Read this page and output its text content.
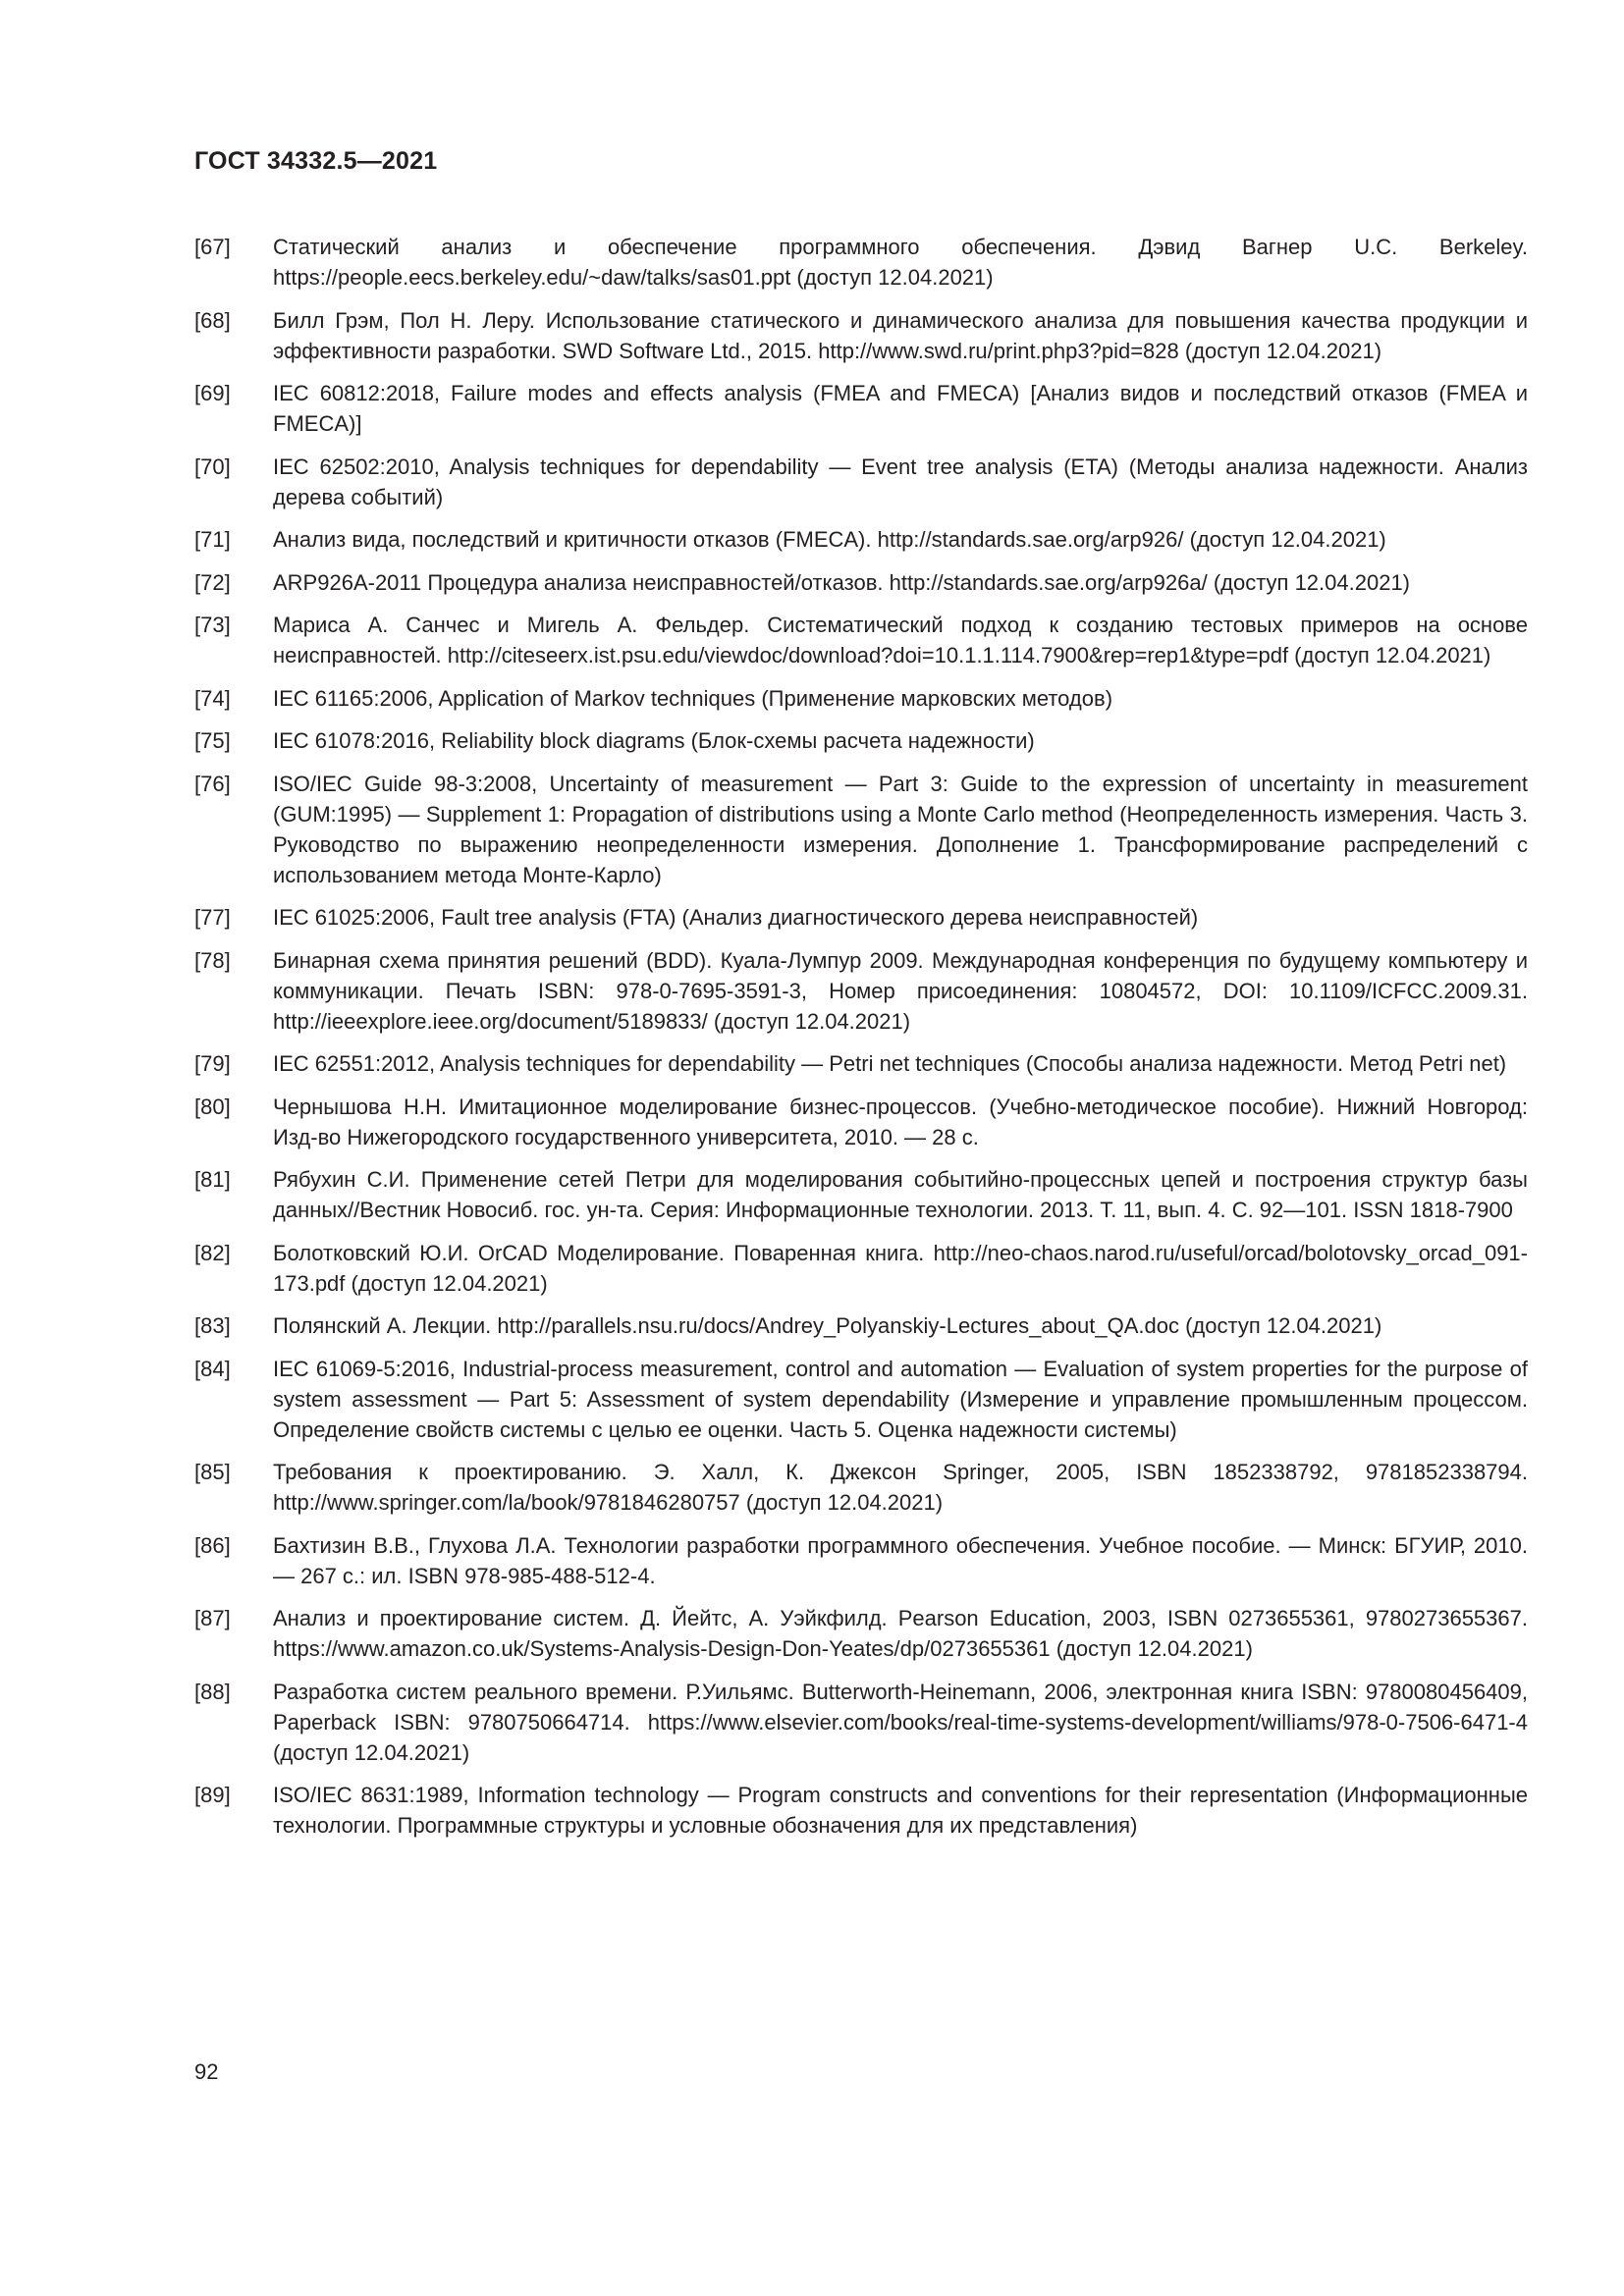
ГОСТ 34332.5—2021
[67]	Статический анализ и обеспечение программного обеспечения. Дэвид Вагнер U.C. Berkeley. https://people.eecs.berkeley.edu/~daw/talks/sas01.ppt (доступ 12.04.2021)
[68]	Билл Грэм, Пол Н. Леру. Использование статического и динамического анализа для повышения качества продукции и эффективности разработки. SWD Software Ltd., 2015. http://www.swd.ru/print.php3?pid=828 (доступ 12.04.2021)
[69]	IEC 60812:2018, Failure modes and effects analysis (FMEA and FMECA) [Анализ видов и последствий отказов (FMEA и FMECA)]
[70]	IEC 62502:2010, Analysis techniques for dependability — Event tree analysis (ETA) (Методы анализа надежности. Анализ дерева событий)
[71]	Анализ вида, последствий и критичности отказов (FMECA). http://standards.sae.org/arp926/ (доступ 12.04.2021)
[72]	ARP926A-2011 Процедура анализа неисправностей/отказов. http://standards.sae.org/arp926a/ (доступ 12.04.2021)
[73]	Мариса А. Санчес и Мигель А. Фельдер. Систематический подход к созданию тестовых примеров на основе неисправностей. http://citeseerx.ist.psu.edu/viewdoc/download?doi=10.1.1.114.7900&rep=rep1&type=pdf (доступ 12.04.2021)
[74]	IEC 61165:2006, Application of Markov techniques (Применение марковских методов)
[75]	IEC 61078:2016, Reliability block diagrams (Блок-схемы расчета надежности)
[76]	ISO/IEC Guide 98-3:2008, Uncertainty of measurement — Part 3: Guide to the expression of uncertainty in measurement (GUM:1995) — Supplement 1: Propagation of distributions using a Monte Carlo method (Неопределенность измерения. Часть 3. Руководство по выражению неопределенности измерения. Дополнение 1. Трансформирование распределений с использованием метода Монте-Карло)
[77]	IEC 61025:2006, Fault tree analysis (FTA) (Анализ диагностического дерева неисправностей)
[78]	Бинарная схема принятия решений (BDD). Куала-Лумпур 2009. Международная конференция по будущему компьютеру и коммуникации. Печать ISBN: 978-0-7695-3591-3, Номер присоединения: 10804572, DOI: 10.1109/ICFCC.2009.31. http://ieeexplore.ieee.org/document/5189833/ (доступ 12.04.2021)
[79]	IEC 62551:2012, Analysis techniques for dependability — Petri net techniques (Способы анализа надежности. Метод Petri net)
[80]	Чернышова Н.Н. Имитационное моделирование бизнес-процессов. (Учебно-методическое пособие). Нижний Новгород: Изд-во Нижегородского государственного университета, 2010. — 28 с.
[81]	Рябухин С.И. Применение сетей Петри для моделирования событийно-процессных цепей и построения структур базы данных//Вестник Новосиб. гос. ун-та. Серия: Информационные технологии. 2013. Т. 11, вып. 4. С. 92—101. ISSN 1818-7900
[82]	Болотковский Ю.И. OrCAD Моделирование. Поваренная книга. http://neo-chaos.narod.ru/useful/orcad/bolotovsky_orcad_091-173.pdf (доступ 12.04.2021)
[83]	Полянский А. Лекции. http://parallels.nsu.ru/docs/Andrey_Polyanskiy-Lectures_about_QA.doc (доступ 12.04.2021)
[84]	IEC 61069-5:2016, Industrial-process measurement, control and automation — Evaluation of system properties for the purpose of system assessment — Part 5: Assessment of system dependability (Измерение и управление промышленным процессом. Определение свойств системы с целью ее оценки. Часть 5. Оценка надежности системы)
[85]	Требования к проектированию. Э. Халл, К. Джексон Springer, 2005, ISBN 1852338792, 9781852338794. http://www.springer.com/la/book/9781846280757 (доступ 12.04.2021)
[86]	Бахтизин В.В., Глухова Л.А. Технологии разработки программного обеспечения. Учебное пособие. — Минск: БГУИР, 2010. — 267 с.: ил. ISBN 978-985-488-512-4.
[87]	Анализ и проектирование систем. Д. Йейтс, А. Уэйкфилд. Pearson Education, 2003, ISBN 0273655361, 9780273655367. https://www.amazon.co.uk/Systems-Analysis-Design-Don-Yeates/dp/0273655361 (доступ 12.04.2021)
[88]	Разработка систем реального времени. Р.Уильямс. Butterworth-Heinemann, 2006, электронная книга ISBN: 9780080456409, Paperback ISBN: 9780750664714. https://www.elsevier.com/books/real-time-systems-development/williams/978-0-7506-6471-4 (доступ 12.04.2021)
[89]	ISO/IEC 8631:1989, Information technology — Program constructs and conventions for their representation (Информационные технологии. Программные структуры и условные обозначения для их представления)
92
